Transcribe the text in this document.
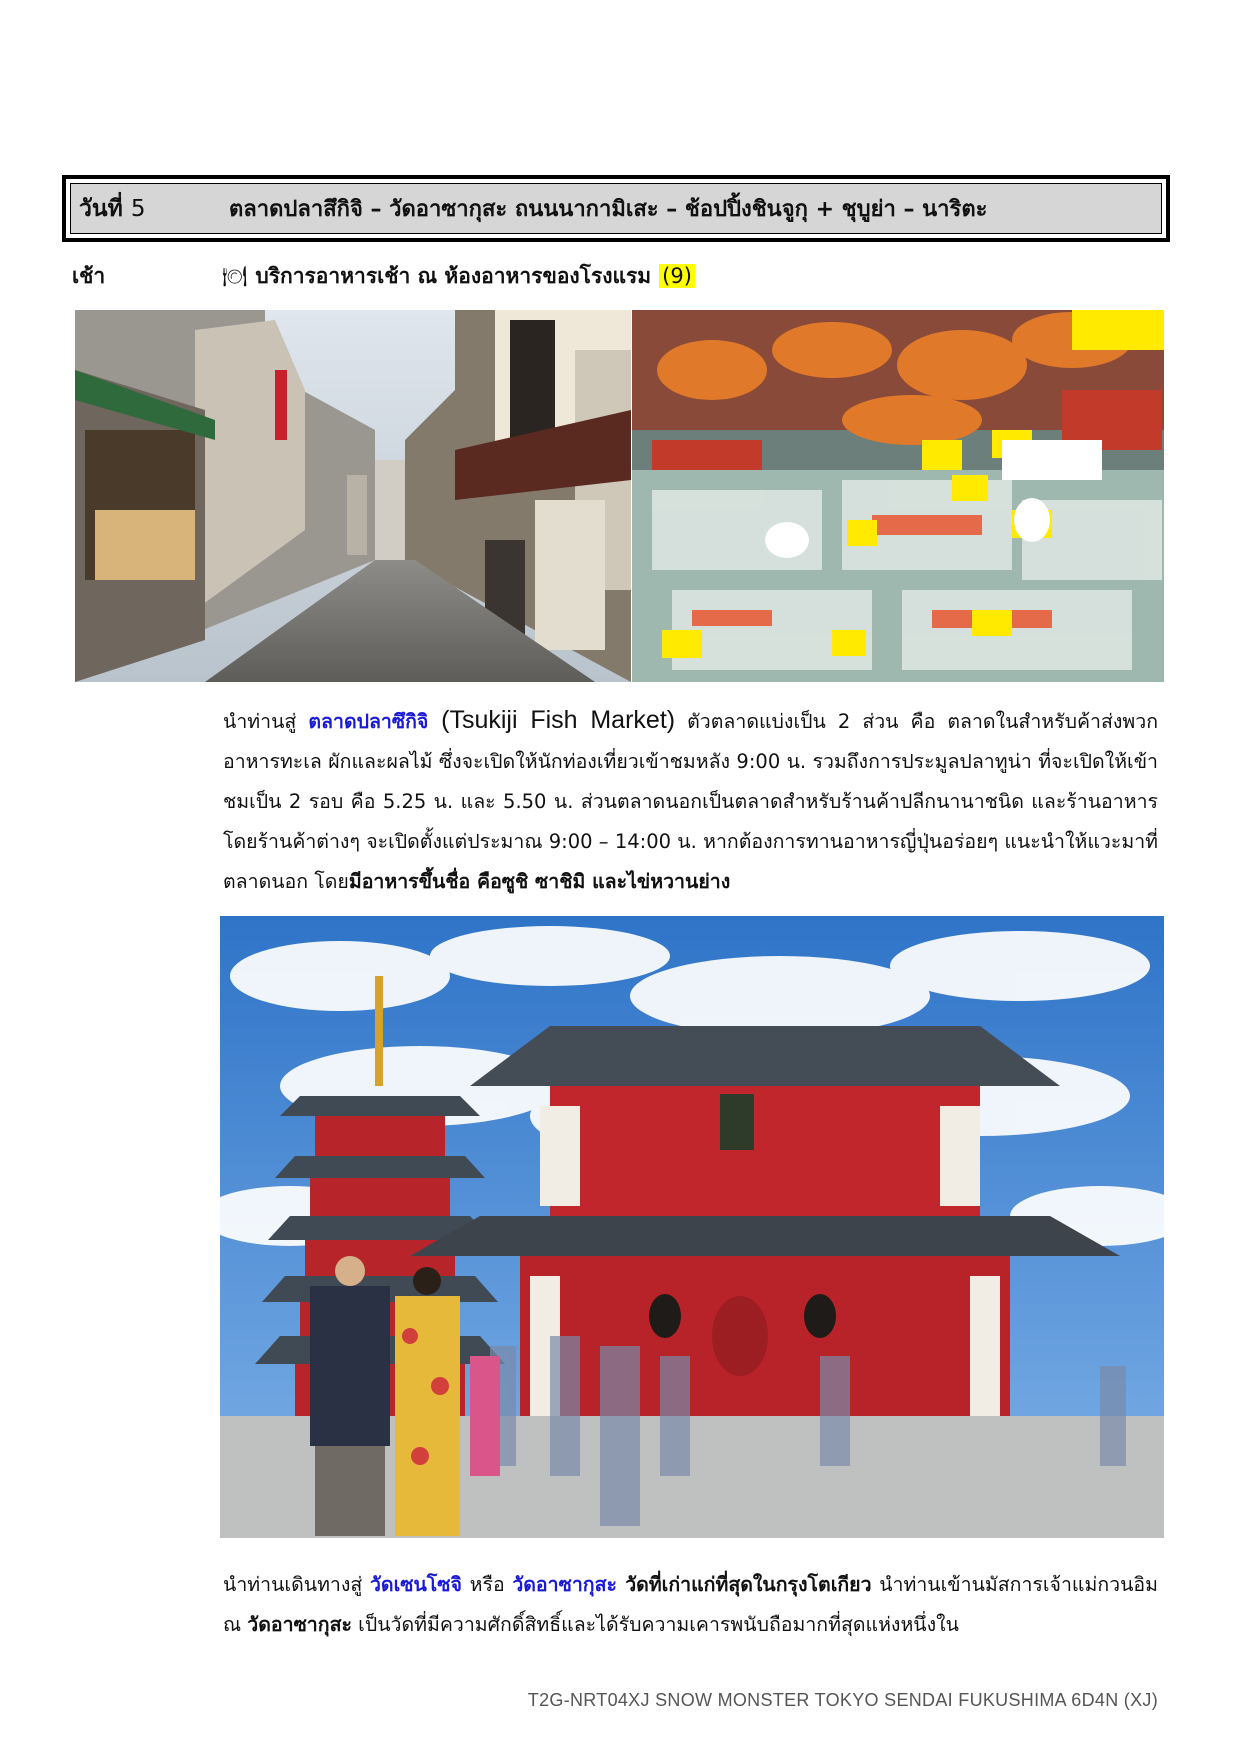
วันที่ 5	ตลาดปลาสึกิจิ – วัดอาซากุสะ ถนนนากามิเสะ – ช้อปปิ้งชินจูกุ + ชุบูย่า – นาริตะ
เช้า	🍽 บริการอาหารเช้า ณ ห้องอาหารของโรงแรม (9)
นำท่านสู่ ตลาดปลาซึกิจิ (Tsukiji Fish Market) ตัวตลาดแบ่งเป็น 2 ส่วน คือ ตลาดในสำหรับค้าส่งพวกอาหารทะเล ผักและผลไม้ ซึ่งจะเปิดให้นักท่องเที่ยวเข้าชมหลัง 9:00 น. รวมถึงการประมูลปลาทูน่า ที่จะเปิดให้เข้าชมเป็น 2 รอบ คือ 5.25 น. และ 5.50 น. ส่วนตลาดนอกเป็นตลาดสำหรับร้านค้าปลีกนานาชนิด และร้านอาหาร โดยร้านค้าต่างๆ จะเปิดตั้งแต่ประมาณ 9:00 – 14:00 น. หากต้องการทานอาหารญี่ปุ่นอร่อยๆ แนะนำให้แวะมาที่ตลาดนอก โดยมีอาหารขึ้นชื่อ คือซูชิ ซาชิมิ และไข่หวานย่าง
นำท่านเดินทางสู่ วัดเซนโซจิ หรือ วัดอาซากุสะ วัดที่เก่าแก่ที่สุดในกรุงโตเกียว นำท่านเข้านมัสการเจ้าแม่กวนอิม ณ วัดอาซากุสะ เป็นวัดที่มีความศักดิ์สิทธิ์และได้รับความเคารพนับถือมากที่สุดแห่งหนึ่งใน
T2G-NRT04XJ SNOW MONSTER TOKYO SENDAI FUKUSHIMA 6D4N (XJ)
